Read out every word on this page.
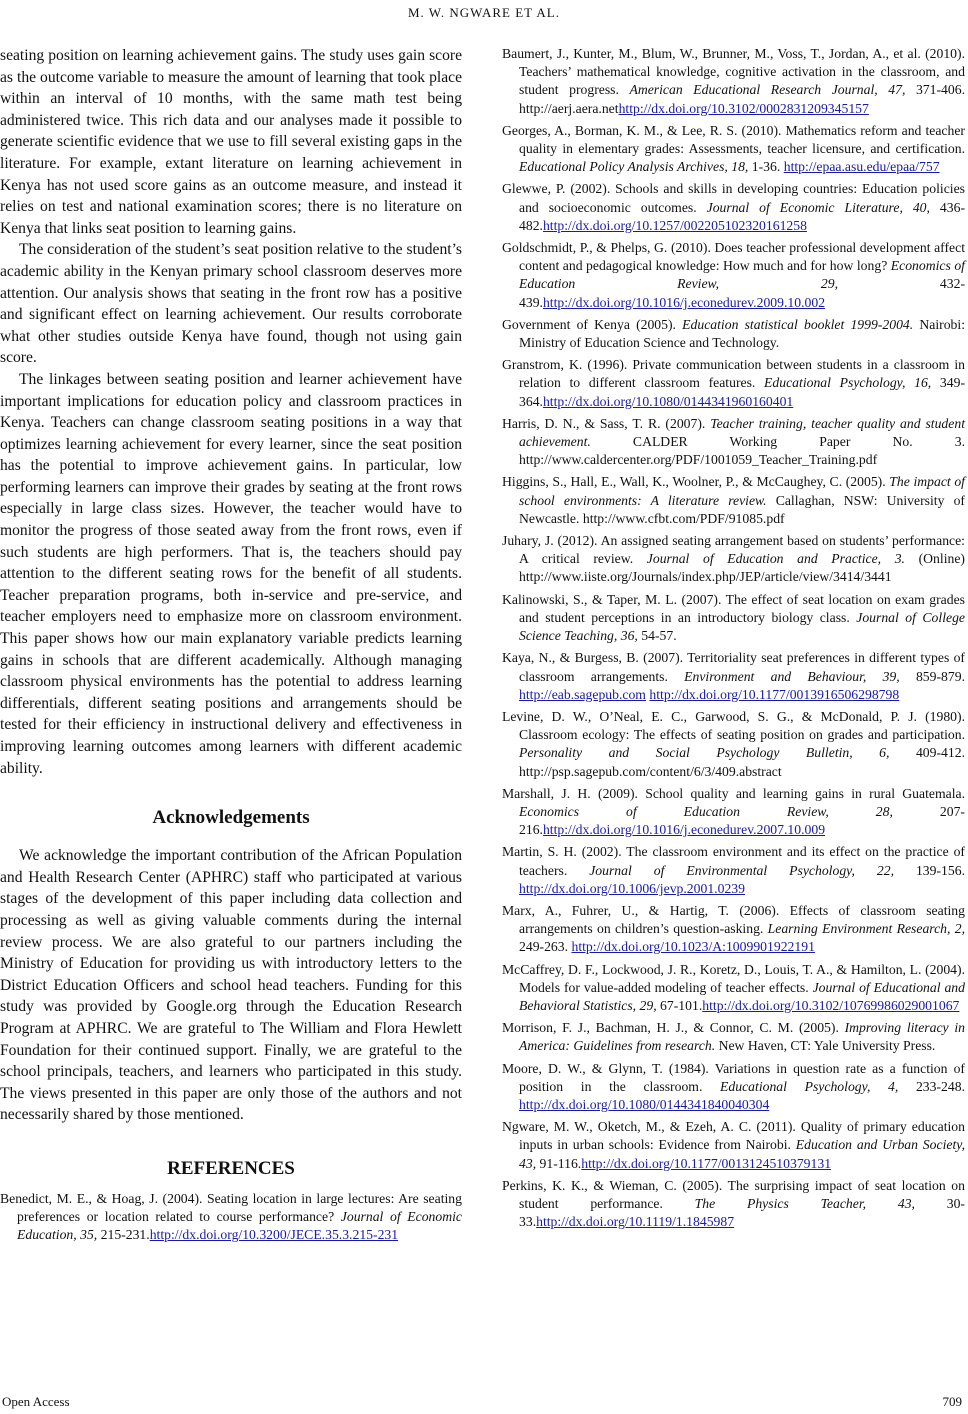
M. W. NGWARE ET AL.

seating position on learning achievement gains. The study uses gain score as the outcome variable to measure the amount of learning that took place within an interval of 10 months, with the same math test being administered twice. This rich data and our analyses made it possible to generate scientific evidence that we use to fill several existing gaps in the literature. For example, extant literature on learning achievement in Kenya has not used score gains as an outcome measure, and instead it relies on test and national examination scores; there is no literature on Kenya that links seat position to learning gains.

The consideration of the student’s seat position relative to the student’s academic ability in the Kenyan primary school classroom deserves more attention. Our analysis shows that seating in the front row has a positive and significant effect on learning achievement. Our results corroborate what other studies outside Kenya have found, though not using gain score.

The linkages between seating position and learner achievement have important implications for education policy and classroom practices in Kenya. Teachers can change classroom seating positions in a way that optimizes learning achievement for every learner, since the seat position has the potential to improve achievement gains. In particular, low performing learners can improve their grades by seating at the front rows especially in large class sizes. However, the teacher would have to monitor the progress of those seated away from the front rows, even if such students are high performers. That is, the teachers should pay attention to the different seating rows for the benefit of all students. Teacher preparation programs, both in-service and pre-service, and teacher employers need to emphasize more on classroom environment. This paper shows how our main explanatory variable predicts learning gains in schools that are different academically. Although managing classroom physical environments has the potential to address learning differentials, different seating positions and arrangements should be tested for their efficiency in instructional delivery and effectiveness in improving learning outcomes among learners with different academic ability.

Acknowledgements

We acknowledge the important contribution of the African Population and Health Research Center (APHRC) staff who participated at various stages of the development of this paper including data collection and processing as well as giving valuable comments during the internal review process. We are also grateful to our partners including the Ministry of Education for providing us with introductory letters to the District Education Officers and school head teachers. Funding for this study was provided by Google.org through the Education Research Program at APHRC. We are grateful to The William and Flora Hewlett Foundation for their continued support. Finally, we are grateful to the school principals, teachers, and learners who participated in this study. The views presented in this paper are only those of the authors and not necessarily shared by those mentioned.

REFERENCES

Benedict, M. E., & Hoag, J. (2004). Seating location in large lectures: Are seating preferences or location related to course performance? Journal of Economic Education, 35, 215-231.http://dx.doi.org/10.3200/JECE.35.3.215-231

Baumert, J., Kunter, M., Blum, W., Brunner, M., Voss, T., Jordan, A., et al. (2010). Teachers’ mathematical knowledge, cognitive activation in the classroom, and student progress. American Educational Research Journal, 47, 371-406. http://aerj.aera.nethttp://dx.doi.org/10.3102/0002831209345157

Georges, A., Borman, K. M., & Lee, R. S. (2010). Mathematics reform and teacher quality in elementary grades: Assessments, teacher licensure, and certification. Educational Policy Analysis Archives, 18, 1-36. http://epaa.asu.edu/epaa/757

Glewwe, P. (2002). Schools and skills in developing countries: Education policies and socioeconomic outcomes. Journal of Economic Literature, 40, 436-482.http://dx.doi.org/10.1257/002205102320161258

Goldschmidt, P., & Phelps, G. (2010). Does teacher professional development affect content and pedagogical knowledge: How much and for how long? Economics of Education Review, 29, 432-439.http://dx.doi.org/10.1016/j.econedurev.2009.10.002

Government of Kenya (2005). Education statistical booklet 1999-2004. Nairobi: Ministry of Education Science and Technology.

Granstrom, K. (1996). Private communication between students in a classroom in relation to different classroom features. Educational Psychology, 16, 349-364.http://dx.doi.org/10.1080/0144341960160401

Harris, D. N., & Sass, T. R. (2007). Teacher training, teacher quality and student achievement. CALDER Working Paper No. 3. http://www.caldercenter.org/PDF/1001059_Teacher_Training.pdf

Higgins, S., Hall, E., Wall, K., Woolner, P., & McCaughey, C. (2005). The impact of school environments: A literature review. Callaghan, NSW: University of Newcastle. http://www.cfbt.com/PDF/91085.pdf

Juhary, J. (2012). An assigned seating arrangement based on students’ performance: A critical review. Journal of Education and Practice, 3. (Online) http://www.iiste.org/Journals/index.php/JEP/article/view/3414/3441

Kalinowski, S., & Taper, M. L. (2007). The effect of seat location on exam grades and student perceptions in an introductory biology class. Journal of College Science Teaching, 36, 54-57.

Kaya, N., & Burgess, B. (2007). Territoriality seat preferences in different types of classroom arrangements. Environment and Behaviour, 39, 859-879. http://eab.sagepub.com http://dx.doi.org/10.1177/0013916506298798

Levine, D. W., O’Neal, E. C., Garwood, S. G., & McDonald, P. J. (1980). Classroom ecology: The effects of seating position on grades and participation. Personality and Social Psychology Bulletin, 6, 409-412. http://psp.sagepub.com/content/6/3/409.abstract

Marshall, J. H. (2009). School quality and learning gains in rural Guatemala. Economics of Education Review, 28, 207-216.http://dx.doi.org/10.1016/j.econedurev.2007.10.009

Martin, S. H. (2002). The classroom environment and its effect on the practice of teachers. Journal of Environmental Psychology, 22, 139-156. http://dx.doi.org/10.1006/jevp.2001.0239

Marx, A., Fuhrer, U., & Hartig, T. (2006). Effects of classroom seating arrangements on children’s question-asking. Learning Environment Research, 2, 249-263. http://dx.doi.org/10.1023/A:1009901922191

McCaffrey, D. F., Lockwood, J. R., Koretz, D., Louis, T. A., & Hamilton, L. (2004). Models for value-added modeling of teacher effects. Journal of Educational and Behavioral Statistics, 29, 67-101.http://dx.doi.org/10.3102/10769986029001067

Morrison, F. J., Bachman, H. J., & Connor, C. M. (2005). Improving literacy in America: Guidelines from research. New Haven, CT: Yale University Press.

Moore, D. W., & Glynn, T. (1984). Variations in question rate as a function of position in the classroom. Educational Psychology, 4, 233-248. http://dx.doi.org/10.1080/0144341840040304

Ngware, M. W., Oketch, M., & Ezeh, A. C. (2011). Quality of primary education inputs in urban schools: Evidence from Nairobi. Education and Urban Society, 43, 91-116.http://dx.doi.org/10.1177/0013124510379131

Perkins, K. K., & Wieman, C. (2005). The surprising impact of seat location on student performance. The Physics Teacher, 43, 30-33.http://dx.doi.org/10.1119/1.1845987

Open Access	709
